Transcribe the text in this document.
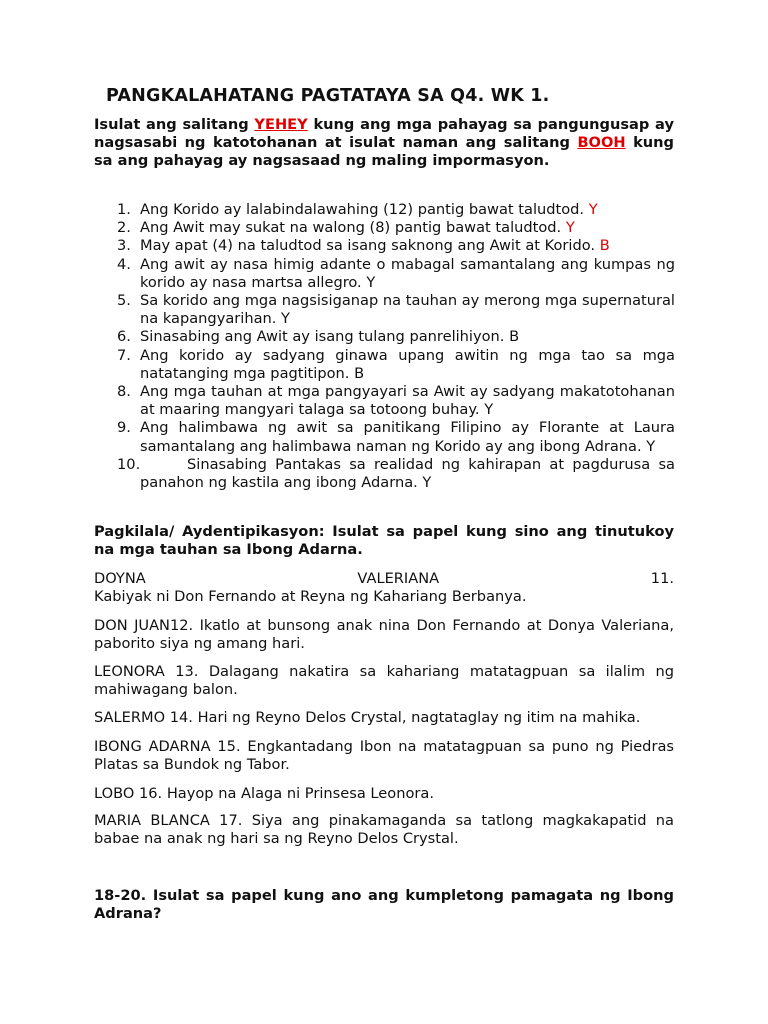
PANGKALAHATANG PAGTATAYA SA Q4. WK 1.

Isulat ang salitang YEHEY kung ang mga pahayag sa pangungusap ay nagsasabi ng katotohanan at isulat naman ang salitang BOOH kung sa ang pahayag ay nagsasaad ng maling impormasyon.

1. Ang Korido ay lalabindalawahing (12) pantig bawat taludtod. Y
2. Ang Awit may sukat na walong (8) pantig bawat taludtod. Y
3. May apat (4) na taludtod sa isang saknong ang Awit at Korido. B
4. Ang awit ay nasa himig adante o mabagal samantalang ang kumpas ng korido ay nasa martsa allegro. Y
5. Sa korido ang mga nagsisiganap na tauhan ay merong mga supernatural na kapangyarihan. Y
6. Sinasabing ang Awit ay isang tulang panrelihiyon. B
7. Ang korido ay sadyang ginawa upang awitin ng mga tao sa mga natatanging mga pagtitipon. B
8. Ang mga tauhan at mga pangyayari sa Awit ay sadyang makatotohanan at maaring mangyari talaga sa totoong buhay. Y
9. Ang halimbawa ng awit sa panitikang Filipino ay Florante at Laura samantalang ang halimbawa naman ng Korido ay ang ibong Adrana. Y
10.	Sinasabing Pantakas sa realidad ng kahirapan at pagdurusa sa panahon ng kastila ang ibong Adarna. Y

Pagkilala/ Aydentipikasyon: Isulat sa papel kung sino ang tinutukoy na mga tauhan sa Ibong Adarna.

DOYNA	VALERIANA	11.
Kabiyak ni Don Fernando at Reyna ng Kahariang Berbanya.

DON JUAN12. Ikatlo at bunsong anak nina Don Fernando at Donya Valeriana, paborito siya ng amang hari.

LEONORA 13. Dalagang nakatira sa kahariang matatagpuan sa ilalim ng mahiwagang balon.

SALERMO 14. Hari ng Reyno Delos Crystal, nagtataglay ng itim na mahika.

IBONG ADARNA 15. Engkantadang Ibon na matatagpuan sa puno ng Piedras Platas sa Bundok ng Tabor.

LOBO 16. Hayop na Alaga ni Prinsesa Leonora.

MARIA BLANCA 17. Siya ang pinakamaganda sa tatlong magkakapatid na babae na anak ng hari sa ng Reyno Delos Crystal.

18-20. Isulat sa papel kung ano ang kumpletong pamagata ng Ibong Adrana?
